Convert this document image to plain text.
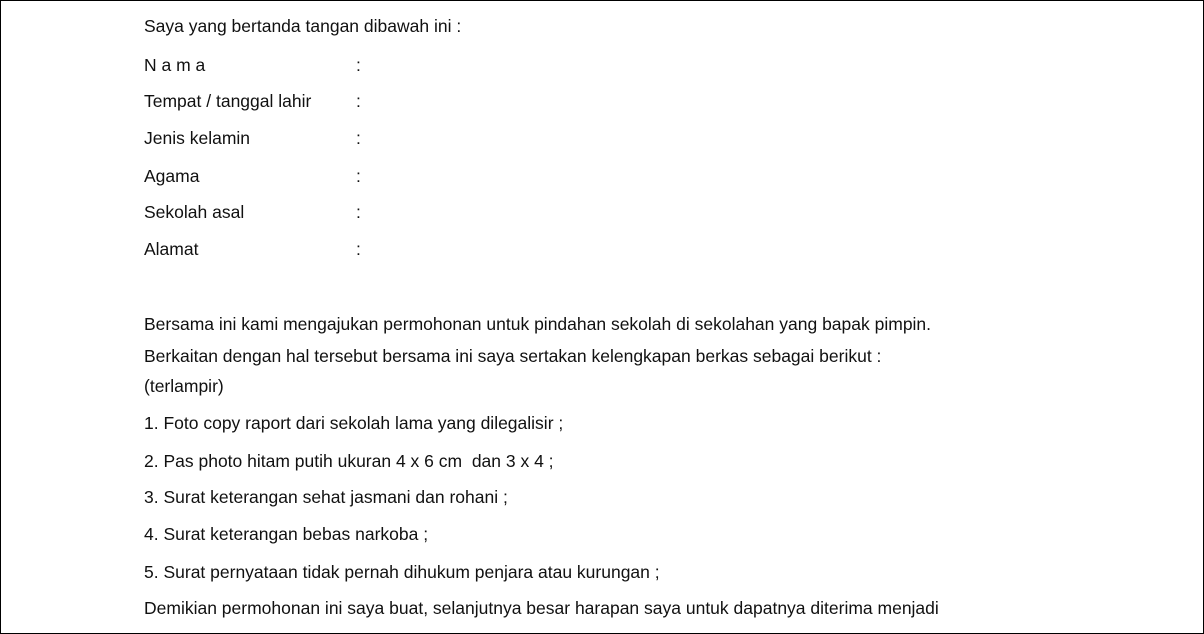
Saya yang bertanda tangan dibawah ini :
N a m a	:
Tempat / tanggal lahir	:
Jenis kelamin	:
Agama	:
Sekolah asal	:
Alamat	:
Bersama ini kami mengajukan permohonan untuk pindahan sekolah di sekolahan yang bapak pimpin.
Berkaitan dengan hal tersebut bersama ini saya sertakan kelengkapan berkas sebagai berikut :
(terlampir)
1. Foto copy raport dari sekolah lama yang dilegalisir ;
2. Pas photo hitam putih ukuran 4 x 6 cm  dan 3 x 4 ;
3. Surat keterangan sehat jasmani dan rohani ;
4. Surat keterangan bebas narkoba ;
5. Surat pernyataan tidak pernah dihukum penjara atau kurungan ;
Demikian permohonan ini saya buat, selanjutnya besar harapan saya untuk dapatnya diterima menjadi
